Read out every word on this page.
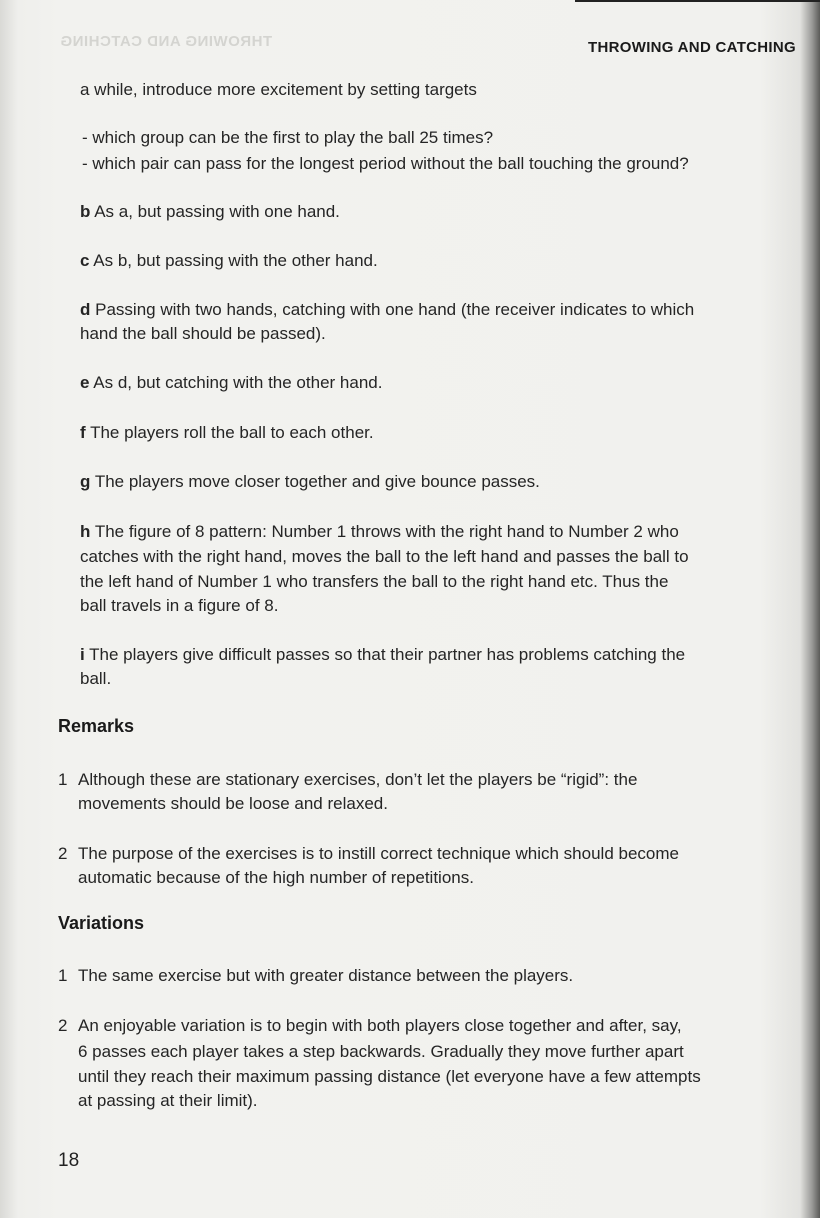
THROWING AND CATCHING	THROWING AND CATCHING
a while, introduce more excitement by setting targets
- which group can be the first to play the ball 25 times?
- which pair can pass for the longest period without the ball touching the ground?
b As a, but passing with one hand.
c As b, but passing with the other hand.
d Passing with two hands, catching with one hand (the receiver indicates to which
hand the ball should be passed).
e As d, but catching with the other hand.
f The players roll the ball to each other.
g The players move closer together and give bounce passes.
h The figure of 8 pattern: Number 1 throws with the right hand to Number 2 who
catches with the right hand, moves the ball to the left hand and passes the ball to
the left hand of Number 1 who transfers the ball to the right hand etc. Thus the
ball travels in a figure of 8.
i The players give difficult passes so that their partner has problems catching the
ball.
Remarks
1 Although these are stationary exercises, don’t let the players be “rigid”: the
movements should be loose and relaxed.
2 The purpose of the exercises is to instill correct technique which should become
automatic because of the high number of repetitions.
Variations
1 The same exercise but with greater distance between the players.
2 An enjoyable variation is to begin with both players close together and after, say,
6 passes each player takes a step backwards. Gradually they move further apart
until they reach their maximum passing distance (let everyone have a few attempts
at passing at their limit).
18
